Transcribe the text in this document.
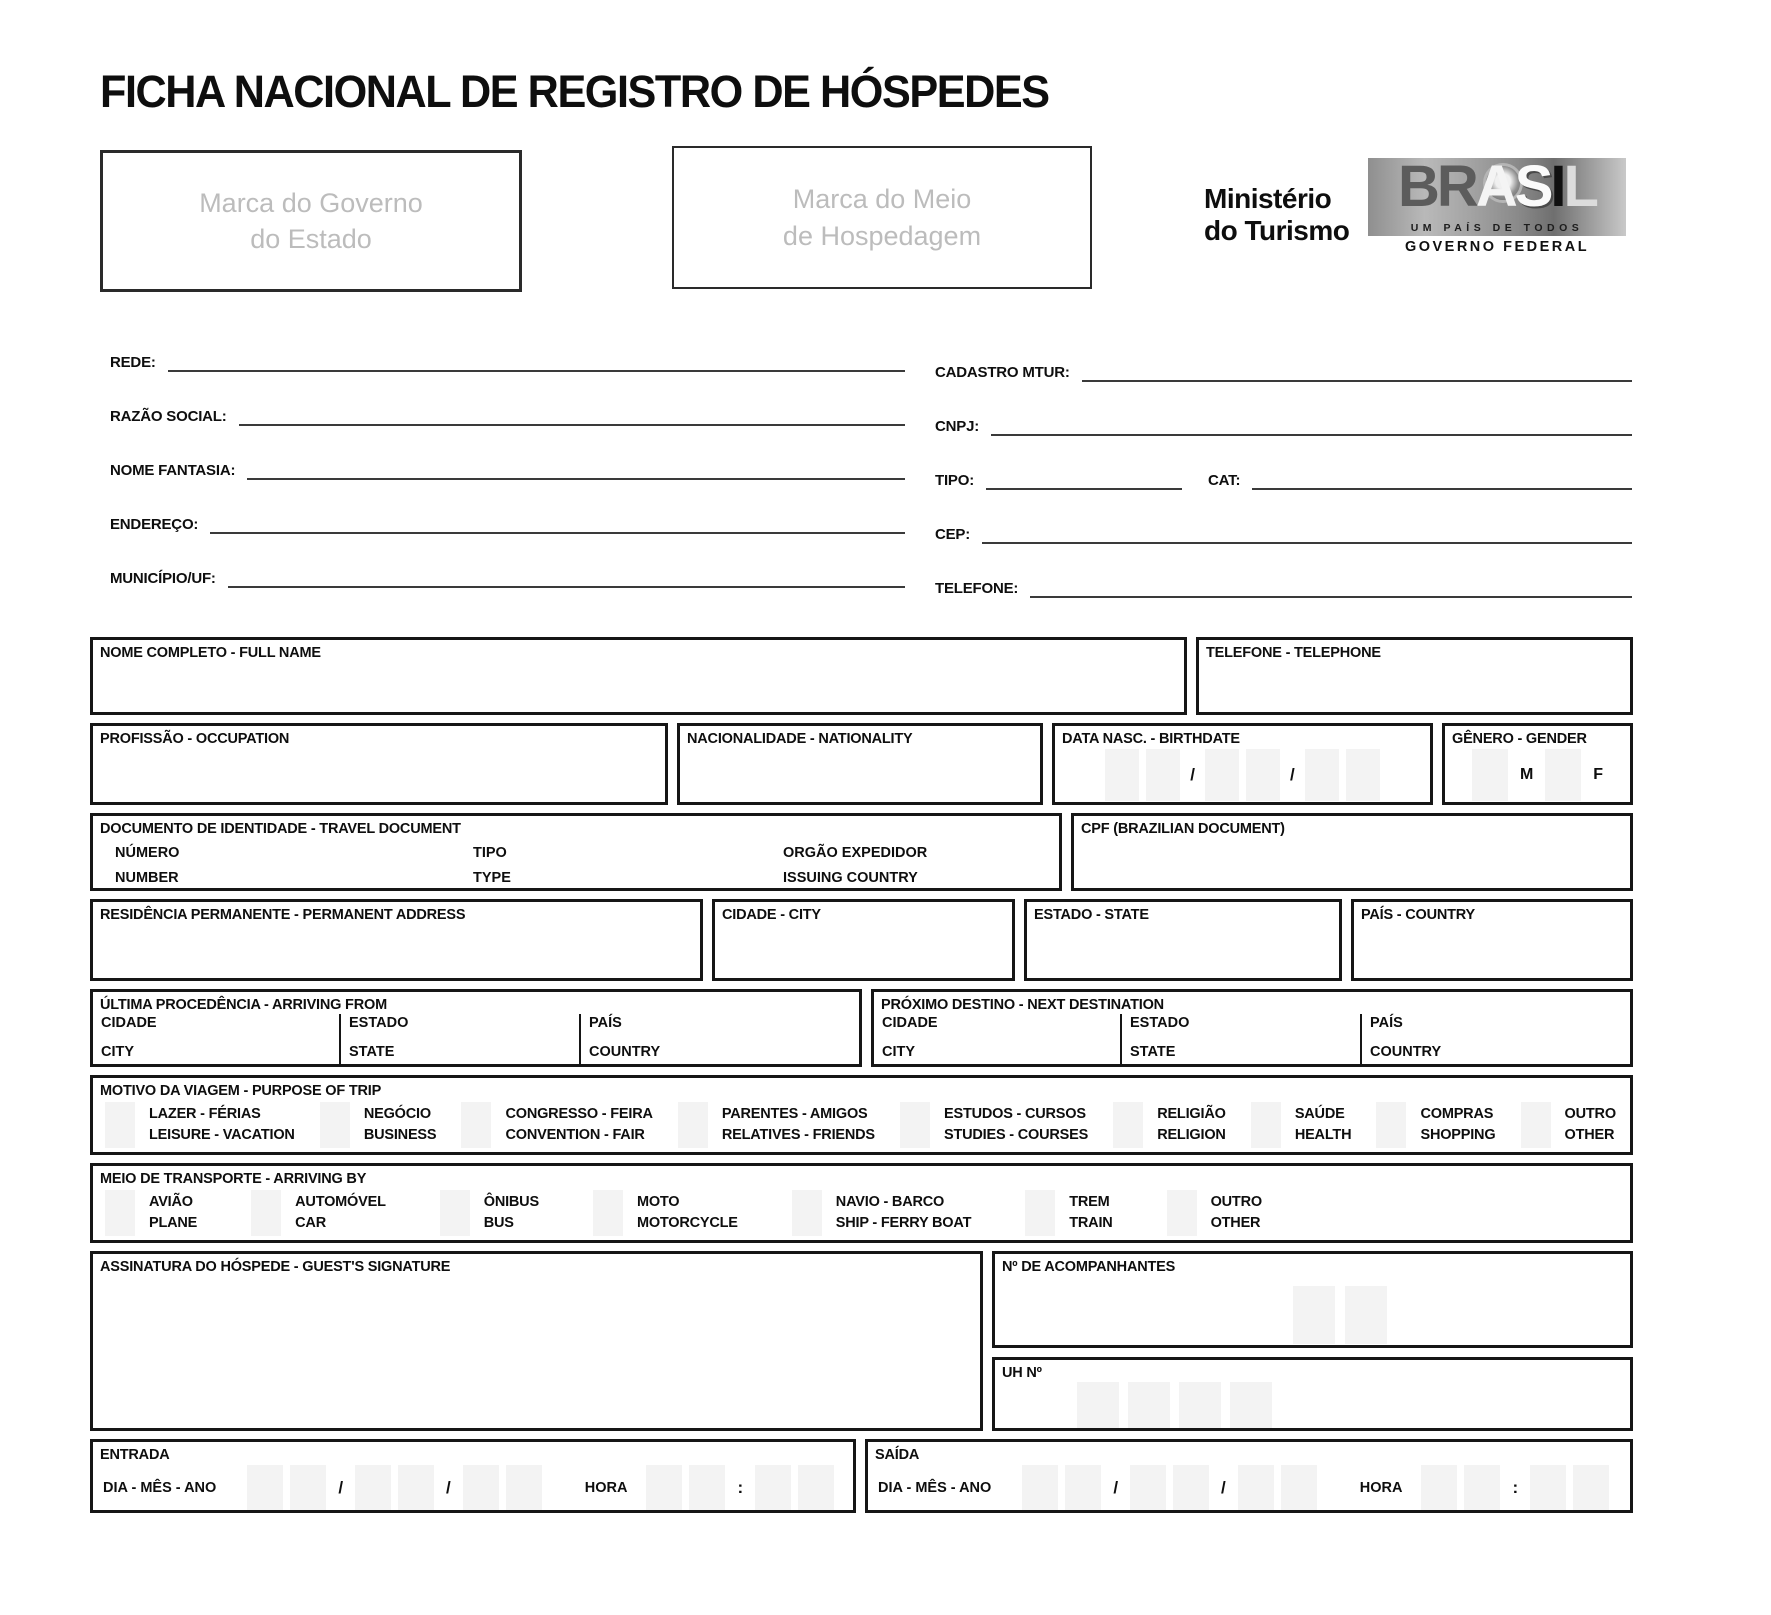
FICHA NACIONAL DE REGISTRO DE HÓSPEDES
Marca do Governo
do Estado
Marca do Meio
de Hospedagem
Ministério
do Turismo
BRASIL
UM PAÍS DE TODOS
GOVERNO FEDERAL
REDE:
RAZÃO SOCIAL:
NOME FANTASIA:
ENDEREÇO:
MUNICÍPIO/UF:
CADASTRO MTUR:
CNPJ:
TIPO:	CAT:
CEP:
TELEFONE:
NOME COMPLETO - FULL NAME	TELEFONE - TELEPHONE
PROFISSÃO - OCCUPATION	NACIONALIDADE - NATIONALITY	DATA NASC. - BIRTHDATE
/	/
GÊNERO - GENDER
M	F
DOCUMENTO DE IDENTIDADE - TRAVEL DOCUMENT
NÚMERO
NUMBER
TIPO
TYPE
ORGÃO EXPEDIDOR
ISSUING COUNTRY
CPF (BRAZILIAN DOCUMENT)
RESIDÊNCIA PERMANENTE - PERMANENT ADDRESS	CIDADE - CITY	ESTADO - STATE	PAÍS - COUNTRY
ÚLTIMA PROCEDÊNCIA - ARRIVING FROM
CIDADE
CITY
ESTADO
STATE
PAÍS
COUNTRY
PRÓXIMO DESTINO - NEXT DESTINATION
CIDADE
CITY
ESTADO
STATE
PAÍS
COUNTRY
MOTIVO DA VIAGEM - PURPOSE OF TRIP
LAZER - FÉRIAS
LEISURE - VACATION
NEGÓCIO
BUSINESS
CONGRESSO - FEIRA
CONVENTION - FAIR
PARENTES - AMIGOS
RELATIVES - FRIENDS
ESTUDOS - CURSOS
STUDIES - COURSES
RELIGIÃO
RELIGION
SAÚDE
HEALTH
COMPRAS
SHOPPING
OUTRO
OTHER
MEIO DE TRANSPORTE - ARRIVING BY
AVIÃO
PLANE
AUTOMÓVEL
CAR
ÔNIBUS
BUS
MOTO
MOTORCYCLE
NAVIO - BARCO
SHIP - FERRY BOAT
TREM
TRAIN
OUTRO
OTHER
ASSINATURA DO HÓSPEDE - GUEST'S SIGNATURE	Nº DE ACOMPANHANTES
UH Nº
ENTRADA
DIA - MÊS - ANO	/	/	HORA	:
SAÍDA
DIA - MÊS - ANO	/	/	HORA	:
